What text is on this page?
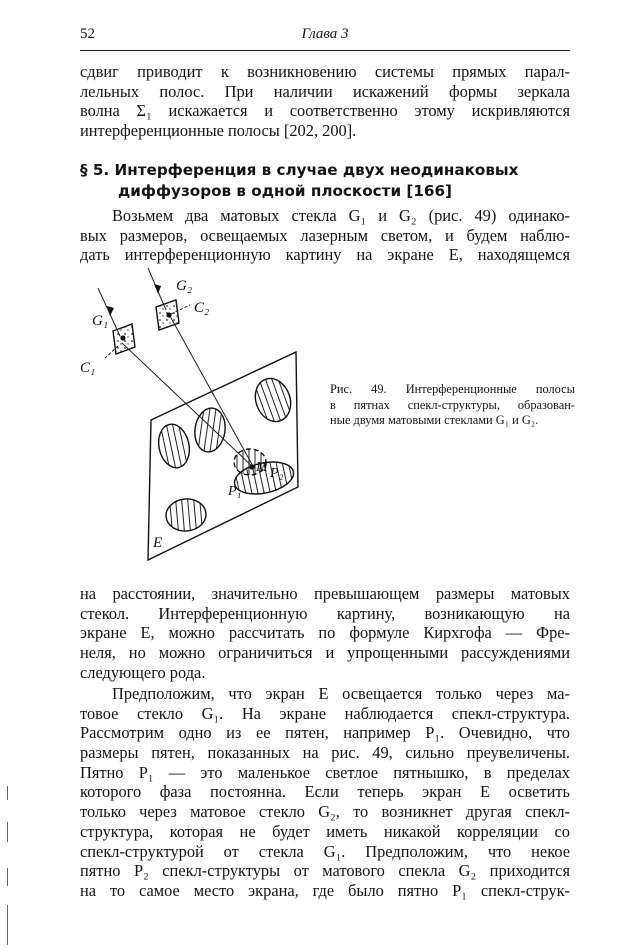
52	Глава 3
сдвиг приводит к возникновению системы прямых парал-
лельных полос. При наличии искажений формы зеркала
волна Σ₁ искажается и соответственно этому искривляются
интерференционные полосы [202, 200].
§ 5. Интерференция в случае двух неодинаковых
диффузоров в одной плоскости [166]
Возьмем два матовых стекла G₁ и G₂ (рис. 49) одинако-
вых размеров, освещаемых лазерным светом, и будем наблю-
дать интерференционную картину на экране E, находящемся
G₁
G₂
C₁
C₂
M
P₁
P₂
E
Рис. 49. Интерференционные полосы
в пятнах спекл-структуры, образован-
ные двумя матовыми стеклами G₁ и G₂.
на расстоянии, значительно превышающем размеры матовых
стекол. Интерференционную картину, возникающую на
экране E, можно рассчитать по формуле Кирхгофа — Фре-
неля, но можно ограничиться и упрощенными рассуждениями
следующего рода.
Предположим, что экран E освещается только через ма-
товое стекло G₁. На экране наблюдается спекл-структура.
Рассмотрим одно из ее пятен, например P₁. Очевидно, что
размеры пятен, показанных на рис. 49, сильно преувеличены.
Пятно P₁ — это маленькое светлое пятнышко, в пределах
которого фаза постоянна. Если теперь экран E осветить
только через матовое стекло G₂, то возникнет другая спекл-
структура, которая не будет иметь никакой корреляции со
спекл-структурой от стекла G₁. Предположим, что некое
пятно P₂ спекл-структуры от матового спекла G₂ приходится
на то самое место экрана, где было пятно P₁ спекл-струк-
